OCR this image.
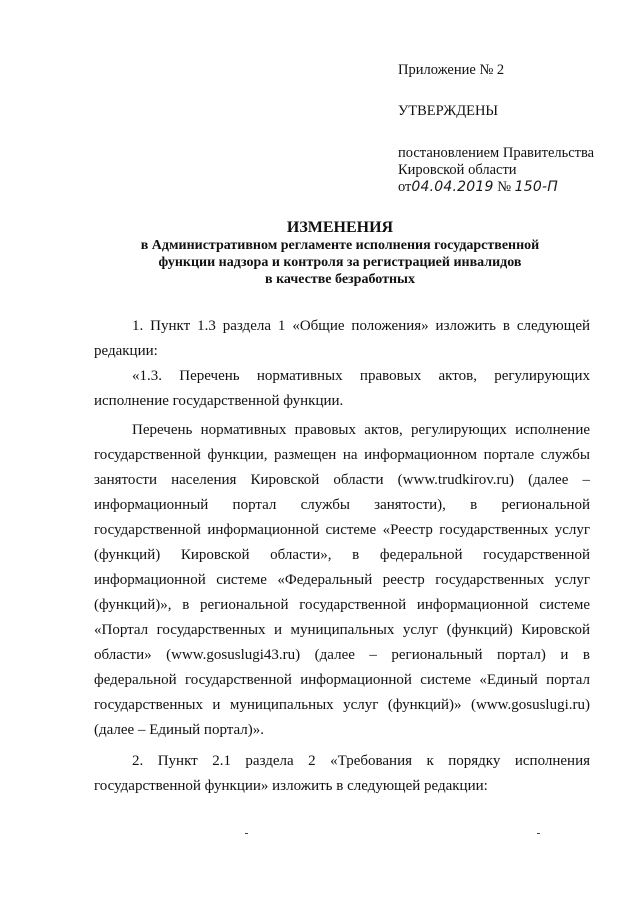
Приложение № 2

УТВЕРЖДЕНЫ

постановлением Правительства

Кировской области

от04.04.2019 № 150-П

ИЗМЕНЕНИЯ
в Административном регламенте исполнения государственной
функции надзора и контроля за регистрацией инвалидов
в качестве безработных

1. Пункт 1.3 раздела 1 «Общие положения» изложить в следующей редакции:

«1.3. Перечень нормативных правовых актов, регулирующих исполнение государственной функции.

Перечень нормативных правовых актов, регулирующих исполнение государственной функции, размещен на информационном портале службы занятости населения Кировской области (www.trudkirov.ru) (далее – информационный портал службы занятости), в региональной государственной информационной системе «Реестр государственных услуг (функций) Кировской области», в федеральной государственной информационной системе «Федеральный реестр государственных услуг (функций)», в региональной государственной информационной системе «Портал государственных и муниципальных услуг (функций) Кировской области» (www.gosuslugi43.ru) (далее – региональный портал) и в федеральной государственной информационной системе «Единый портал государственных и муниципальных услуг (функций)» (www.gosuslugi.ru) (далее – Единый портал)».

2. Пункт 2.1 раздела 2 «Требования к порядку исполнения государственной функции» изложить в следующей редакции:
